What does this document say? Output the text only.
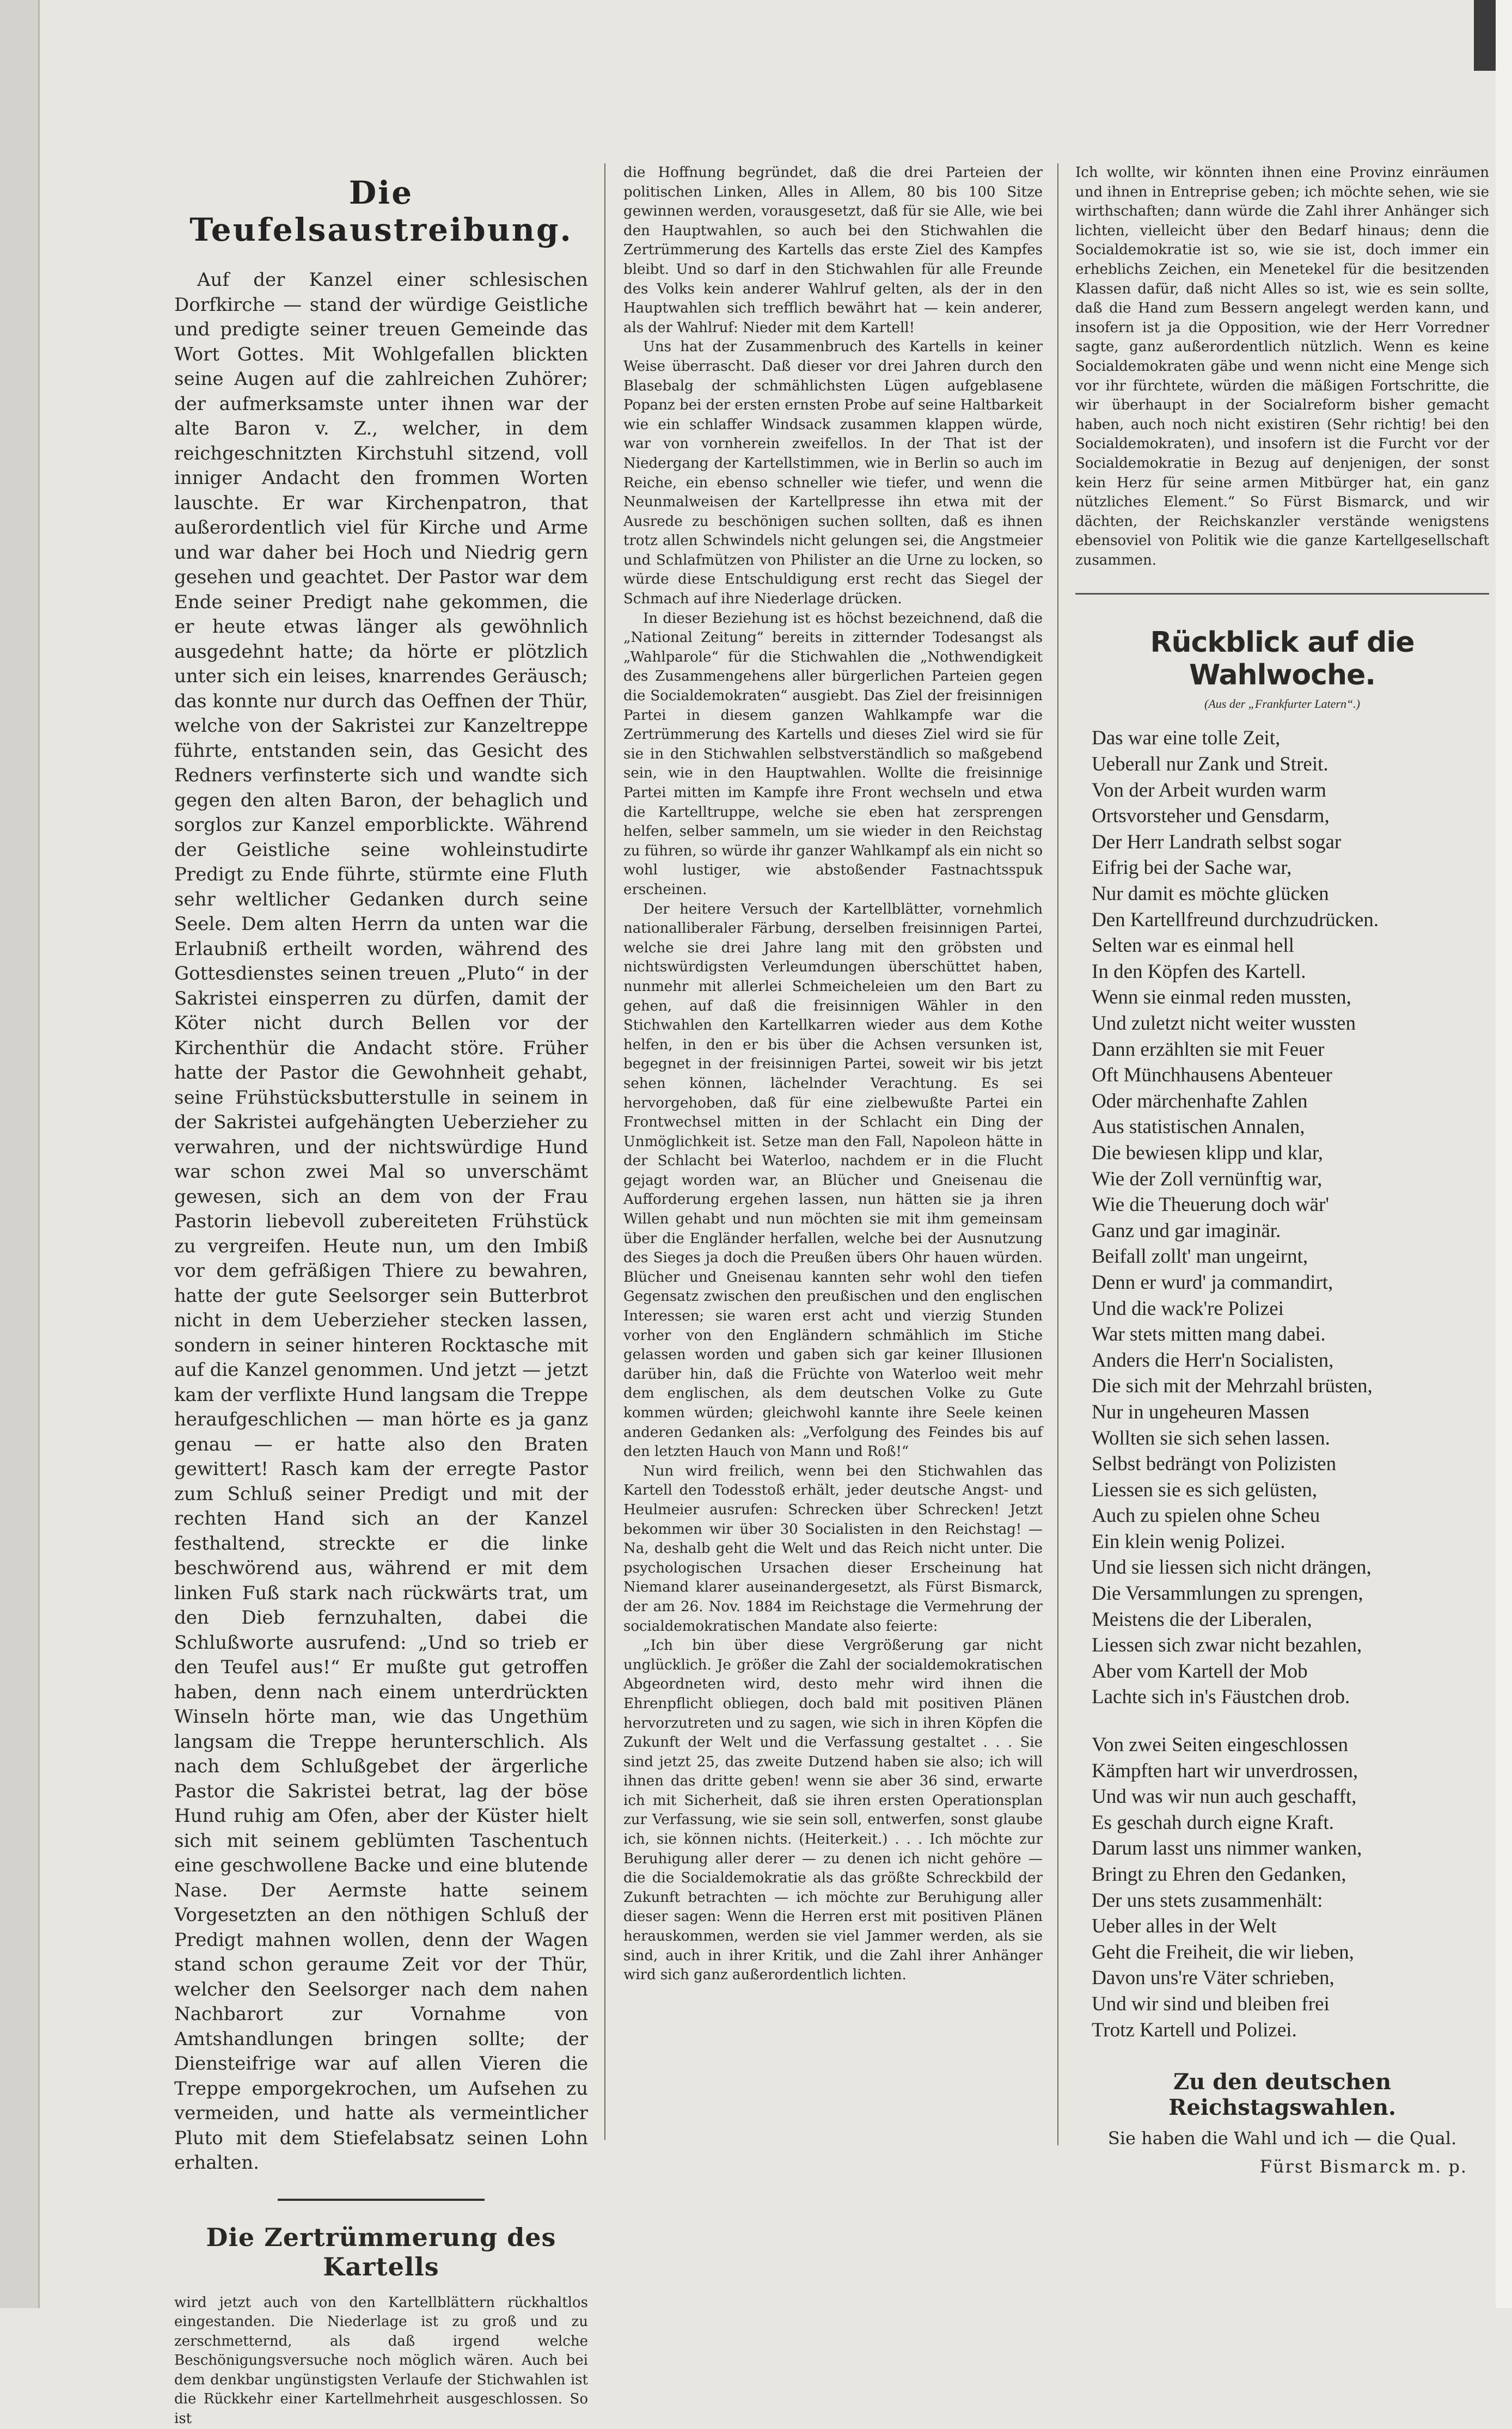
Die Teufelsaustreibung.

Auf der Kanzel einer schlesischen Dorfkirche — stand der würdige Geistliche und predigte seiner treuen Gemeinde das Wort Gottes. Mit Wohlgefallen blickten seine Augen auf die zahlreichen Zuhörer; der aufmerksamste unter ihnen war der alte Baron v. Z., welcher, in dem reichgeschnitzten Kirchstuhl sitzend, voll inniger Andacht den frommen Worten lauschte. Er war Kirchenpatron, that außerordentlich viel für Kirche und Arme und war daher bei Hoch und Niedrig gern gesehen und geachtet. Der Pastor war dem Ende seiner Predigt nahe gekommen, die er heute etwas länger als gewöhnlich ausgedehnt hatte; da hörte er plötzlich unter sich ein leises, knarrendes Geräusch; das konnte nur durch das Oeffnen der Thür, welche von der Sakristei zur Kanzeltreppe führte, entstanden sein, das Gesicht des Redners verfinsterte sich und wandte sich gegen den alten Baron, der behaglich und sorglos zur Kanzel emporblickte. Während der Geistliche seine wohleinstudirte Predigt zu Ende führte, stürmte eine Fluth sehr weltlicher Gedanken durch seine Seele. Dem alten Herrn da unten war die Erlaubniß ertheilt worden, während des Gottesdienstes seinen treuen „Pluto“ in der Sakristei einsperren zu dürfen, damit der Köter nicht durch Bellen vor der Kirchenthür die Andacht störe. Früher hatte der Pastor die Gewohnheit gehabt, seine Frühstücksbutterstulle in seinem in der Sakristei aufgehängten Ueberzieher zu verwahren, und der nichtswürdige Hund war schon zwei Mal so unverschämt gewesen, sich an dem von der Frau Pastorin liebevoll zubereiteten Frühstück zu vergreifen. Heute nun, um den Imbiß vor dem gefräßigen Thiere zu bewahren, hatte der gute Seelsorger sein Butterbrot nicht in dem Ueberzieher stecken lassen, sondern in seiner hinteren Rocktasche mit auf die Kanzel genommen. Und jetzt — jetzt kam der verflixte Hund langsam die Treppe heraufgeschlichen — man hörte es ja ganz genau — er hatte also den Braten gewittert! Rasch kam der erregte Pastor zum Schluß seiner Predigt und mit der rechten Hand sich an der Kanzel festhaltend, streckte er die linke beschwörend aus, während er mit dem linken Fuß stark nach rückwärts trat, um den Dieb fernzuhalten, dabei die Schlußworte ausrufend: „Und so trieb er den Teufel aus!“ Er mußte gut getroffen haben, denn nach einem unterdrückten Winseln hörte man, wie das Ungethüm langsam die Treppe herunterschlich. Als nach dem Schlußgebet der ärgerliche Pastor die Sakristei betrat, lag der böse Hund ruhig am Ofen, aber der Küster hielt sich mit seinem geblümten Taschentuch eine geschwollene Backe und eine blutende Nase. Der Aermste hatte seinem Vorgesetzten an den nöthigen Schluß der Predigt mahnen wollen, denn der Wagen stand schon geraume Zeit vor der Thür, welcher den Seelsorger nach dem nahen Nachbarort zur Vornahme von Amtshandlungen bringen sollte; der Diensteifrige war auf allen Vieren die Treppe emporgekrochen, um Aufsehen zu vermeiden, und hatte als vermeintlicher Pluto mit dem Stiefelabsatz seinen Lohn erhalten.

Die Zertrümmerung des Kartells

wird jetzt auch von den Kartellblättern rückhaltlos eingestanden. Die Niederlage ist zu groß und zu zerschmetternd, als daß irgend welche Beschönigungsversuche noch möglich wären. Auch bei dem denkbar ungünstigsten Verlaufe der Stichwahlen ist die Rückkehr einer Kartellmehrheit ausgeschlossen. So ist

die Hoffnung begründet, daß die drei Parteien der politischen Linken, Alles in Allem, 80 bis 100 Sitze gewinnen werden, vorausgesetzt, daß für sie Alle, wie bei den Hauptwahlen, so auch bei den Stichwahlen die Zertrümmerung des Kartells das erste Ziel des Kampfes bleibt. Und so darf in den Stichwahlen für alle Freunde des Volks kein anderer Wahlruf gelten, als der in den Hauptwahlen sich trefflich bewährt hat — kein anderer, als der Wahlruf: Nieder mit dem Kartell!

Uns hat der Zusammenbruch des Kartells in keiner Weise überrascht. Daß dieser vor drei Jahren durch den Blasebalg der schmählichsten Lügen aufgeblasene Popanz bei der ersten ernsten Probe auf seine Haltbarkeit wie ein schlaffer Windsack zusammen klappen würde, war von vornherein zweifellos. In der That ist der Niedergang der Kartellstimmen, wie in Berlin so auch im Reiche, ein ebenso schneller wie tiefer, und wenn die Neunmalweisen der Kartellpresse ihn etwa mit der Ausrede zu beschönigen suchen sollten, daß es ihnen trotz allen Schwindels nicht gelungen sei, die Angstmeier und Schlafmützen von Philister an die Urne zu locken, so würde diese Entschuldigung erst recht das Siegel der Schmach auf ihre Niederlage drücken.

In dieser Beziehung ist es höchst bezeichnend, daß die „National Zeitung“ bereits in zitternder Todesangst als „Wahlparole“ für die Stichwahlen die „Nothwendigkeit des Zusammengehens aller bürgerlichen Parteien gegen die Socialdemokraten“ ausgiebt. Das Ziel der freisinnigen Partei in diesem ganzen Wahlkampfe war die Zertrümmerung des Kartells und dieses Ziel wird sie für sie in den Stichwahlen selbstverständlich so maßgebend sein, wie in den Hauptwahlen. Wollte die freisinnige Partei mitten im Kampfe ihre Front wechseln und etwa die Kartelltruppe, welche sie eben hat zersprengen helfen, selber sammeln, um sie wieder in den Reichstag zu führen, so würde ihr ganzer Wahlkampf als ein nicht so wohl lustiger, wie abstoßender Fastnachtsspuk erscheinen.

Der heitere Versuch der Kartellblätter, vornehmlich nationalliberaler Färbung, derselben freisinnigen Partei, welche sie drei Jahre lang mit den gröbsten und nichtswürdigsten Verleumdungen überschüttet haben, nunmehr mit allerlei Schmeicheleien um den Bart zu gehen, auf daß die freisinnigen Wähler in den Stichwahlen den Kartellkarren wieder aus dem Kothe helfen, in den er bis über die Achsen versunken ist, begegnet in der freisinnigen Partei, soweit wir bis jetzt sehen können, lächelnder Verachtung. Es sei hervorgehoben, daß für eine zielbewußte Partei ein Frontwechsel mitten in der Schlacht ein Ding der Unmöglichkeit ist. Setze man den Fall, Napoleon hätte in der Schlacht bei Waterloo, nachdem er in die Flucht gejagt worden war, an Blücher und Gneisenau die Aufforderung ergehen lassen, nun hätten sie ja ihren Willen gehabt und nun möchten sie mit ihm gemeinsam über die Engländer herfallen, welche bei der Ausnutzung des Sieges ja doch die Preußen übers Ohr hauen würden. Blücher und Gneisenau kannten sehr wohl den tiefen Gegensatz zwischen den preußischen und den englischen Interessen; sie waren erst acht und vierzig Stunden vorher von den Engländern schmählich im Stiche gelassen worden und gaben sich gar keiner Illusionen darüber hin, daß die Früchte von Waterloo weit mehr dem englischen, als dem deutschen Volke zu Gute kommen würden; gleichwohl kannte ihre Seele keinen anderen Gedanken als: „Verfolgung des Feindes bis auf den letzten Hauch von Mann und Roß!“

Nun wird freilich, wenn bei den Stichwahlen das Kartell den Todesstoß erhält, jeder deutsche Angst- und Heulmeier ausrufen: Schrecken über Schrecken! Jetzt bekommen wir über 30 Socialisten in den Reichstag! — Na, deshalb geht die Welt und das Reich nicht unter. Die psychologischen Ursachen dieser Erscheinung hat Niemand klarer auseinandergesetzt, als Fürst Bismarck, der am 26. Nov. 1884 im Reichstage die Vermehrung der socialdemokratischen Mandate also feierte:

„Ich bin über diese Vergrößerung gar nicht unglücklich. Je größer die Zahl der socialdemokratischen Abgeordneten wird, desto mehr wird ihnen die Ehrenpflicht obliegen, doch bald mit positiven Plänen hervorzutreten und zu sagen, wie sich in ihren Köpfen die Zukunft der Welt und die Verfassung gestaltet . . . Sie sind jetzt 25, das zweite Dutzend haben sie also; ich will ihnen das dritte geben! wenn sie aber 36 sind, erwarte ich mit Sicherheit, daß sie ihren ersten Operationsplan zur Verfassung, wie sie sein soll, entwerfen, sonst glaube ich, sie können nichts. (Heiterkeit.) . . . Ich möchte zur Beruhigung aller derer — zu denen ich nicht gehöre — die die Socialdemokratie als das größte Schreckbild der Zukunft betrachten — ich möchte zur Beruhigung aller dieser sagen: Wenn die Herren erst mit positiven Plänen herauskommen, werden sie viel Jammer werden, als sie sind, auch in ihrer Kritik, und die Zahl ihrer Anhänger wird sich ganz außerordentlich lichten.

Ich wollte, wir könnten ihnen eine Provinz einräumen und ihnen in Entreprise geben; ich möchte sehen, wie sie wirthschaften; dann würde die Zahl ihrer Anhänger sich lichten, vielleicht über den Bedarf hinaus; denn die Socialdemokratie ist so, wie sie ist, doch immer ein erheblichs Zeichen, ein Menetekel für die besitzenden Klassen dafür, daß nicht Alles so ist, wie es sein sollte, daß die Hand zum Bessern angelegt werden kann, und insofern ist ja die Opposition, wie der Herr Vorredner sagte, ganz außerordentlich nützlich. Wenn es keine Socialdemokraten gäbe und wenn nicht eine Menge sich vor ihr fürchtete, würden die mäßigen Fortschritte, die wir überhaupt in der Socialreform bisher gemacht haben, auch noch nicht existiren (Sehr richtig! bei den Socialdemokraten), und insofern ist die Furcht vor der Socialdemokratie in Bezug auf denjenigen, der sonst kein Herz für seine armen Mitbürger hat, ein ganz nützliches Element.“ So Fürst Bismarck, und wir dächten, der Reichskanzler verstände wenigstens ebensoviel von Politik wie die ganze Kartellgesellschaft zusammen.

Rückblick auf die Wahlwoche.
(Aus der „Frankfurter Latern“.)
Das war eine tolle Zeit,
Ueberall nur Zank und Streit.
Von der Arbeit wurden warm
Ortsvorsteher und Gensdarm,
Der Herr Landrath selbst sogar
Eifrig bei der Sache war,
Nur damit es möchte glücken
Den Kartellfreund durchzudrücken.
Selten war es einmal hell
In den Köpfen des Kartell.
Wenn sie einmal reden mussten,
Und zuletzt nicht weiter wussten
Dann erzählten sie mit Feuer
Oft Münchhausens Abenteuer
Oder märchenhafte Zahlen
Aus statistischen Annalen,
Die bewiesen klipp und klar,
Wie der Zoll vernünftig war,
Wie die Theuerung doch wär'
Ganz und gar imaginär.
Beifall zollt' man ungeirnt,
Denn er wurd' ja commandirt,
Und die wack're Polizei
War stets mitten mang dabei.
Anders die Herr'n Socialisten,
Die sich mit der Mehrzahl brüsten,
Nur in ungeheuren Massen
Wollten sie sich sehen lassen.
Selbst bedrängt von Polizisten
Liessen sie es sich gelüsten,
Auch zu spielen ohne Scheu
Ein klein wenig Polizei.
Und sie liessen sich nicht drängen,
Die Versammlungen zu sprengen,
Meistens die der Liberalen,
Liessen sich zwar nicht bezahlen,
Aber vom Kartell der Mob
Lachte sich in's Fäustchen drob.
Von zwei Seiten eingeschlossen
Kämpften hart wir unverdrossen,
Und was wir nun auch geschafft,
Es geschah durch eigne Kraft.
Darum lasst uns nimmer wanken,
Bringt zu Ehren den Gedanken,
Der uns stets zusammenhält:
Ueber alles in der Welt
Geht die Freiheit, die wir lieben,
Davon uns're Väter schrieben,
Und wir sind und bleiben frei
Trotz Kartell und Polizei.
Zu den deutschen Reichstagswahlen.

Sie haben die Wahl und ich — die Qual.

Fürst Bismarck m. p.
